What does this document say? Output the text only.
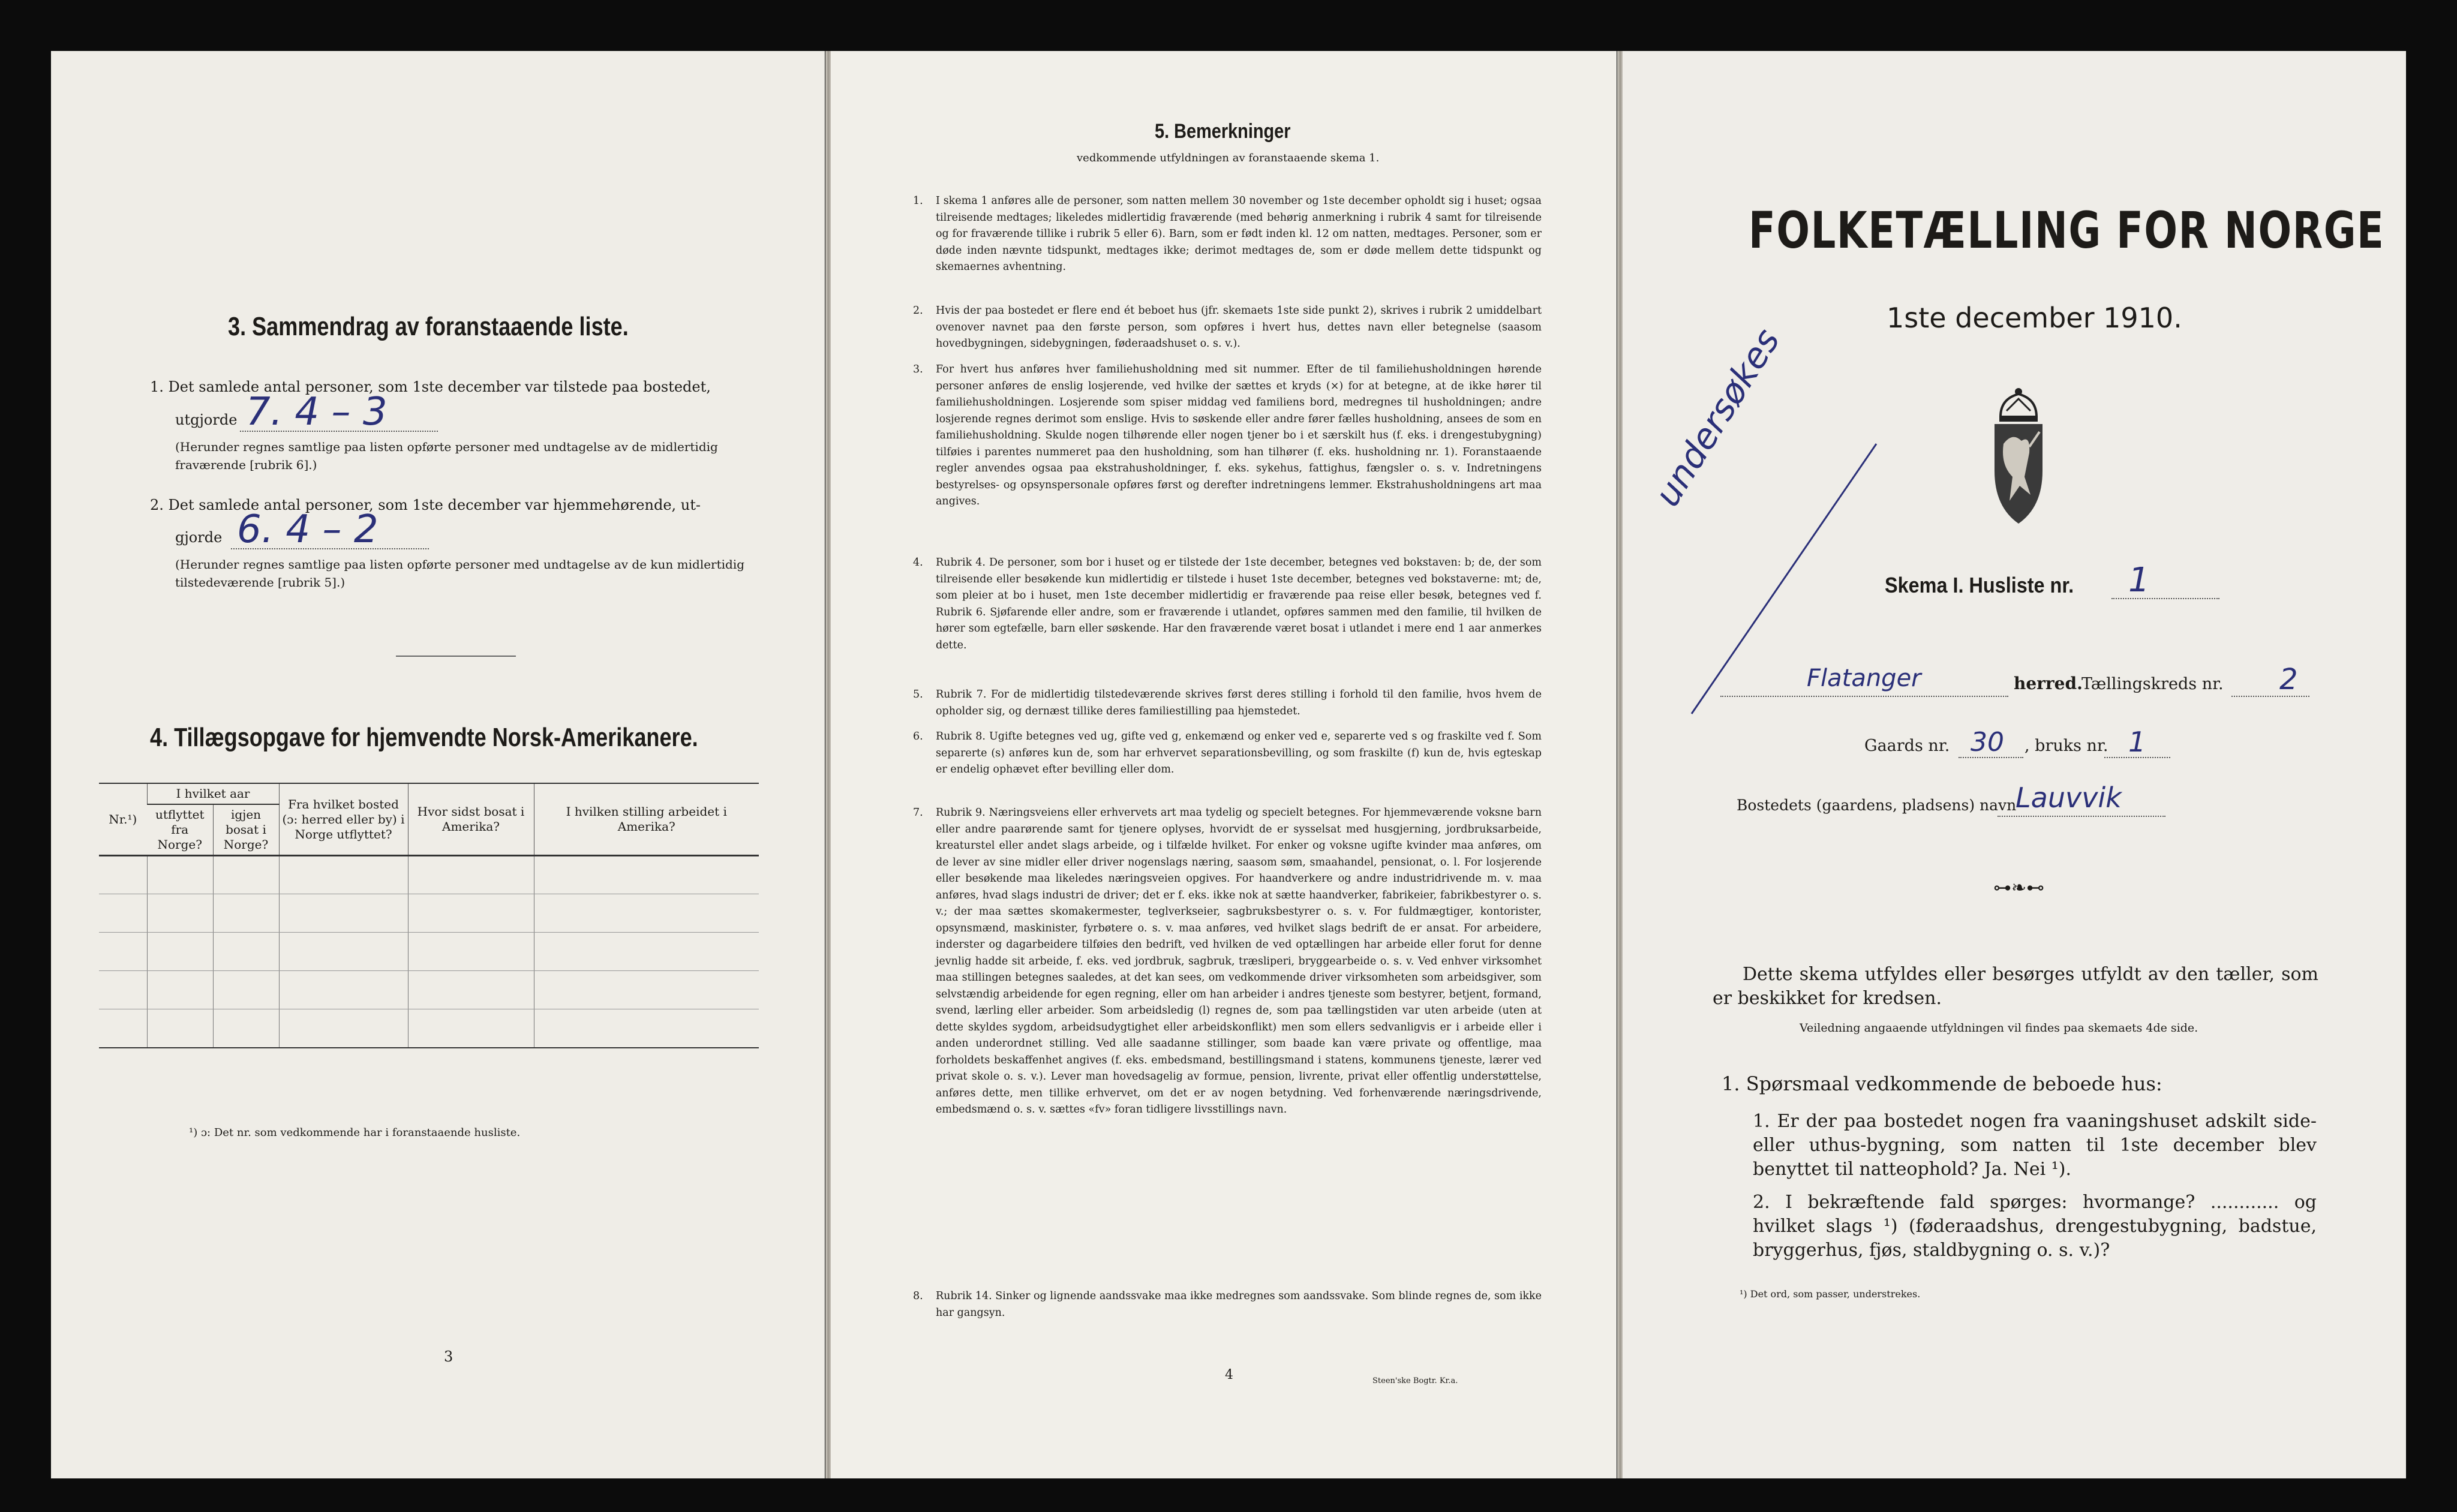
3. Sammendrag av foranstaaende liste.
1. Det samlede antal personer, som 1ste december var tilstede paa bostedet,
utgjorde 7. 4 – 3
(Herunder regnes samtlige paa listen opførte personer med undtagelse av de midlertidig fraværende [rubrik 6].)
2. Det samlede antal personer, som 1ste december var hjemmehørende, ut-
gjorde 6. 4 – 2
(Herunder regnes samtlige paa listen opførte personer med undtagelse av de kun midlertidig tilstedeværende [rubrik 5].)
4. Tillægsopgave for hjemvendte Norsk-Amerikanere.
Nr.¹)	I hvilket aar		Fra hvilket bosted (ɔ: herred eller by) i Norge utflyttet?	Hvor sidst bosat i Amerika?	I hvilken stilling arbeidet i Amerika?
	utflyttet fra Norge?	igjen bosat i Norge?			

¹) ɔ: Det nr. som vedkommende har i foranstaaende husliste.
3
5. Bemerkninger
vedkommende utfyldningen av foranstaaende skema 1.
1. I skema 1 anføres alle de personer, som natten mellem 30 november og 1ste december opholdt sig i huset; ogsaa tilreisende medtages; likeledes midlertidig fraværende (med behørig anmerkning i rubrik 4 samt for tilreisende og for fraværende tillike i rubrik 5 eller 6). Barn, som er født inden kl. 12 om natten, medtages. Personer, som er døde inden nævnte tidspunkt, medtages ikke; derimot medtages de, som er døde mellem dette tidspunkt og skemaernes avhentning.
2. Hvis der paa bostedet er flere end ét beboet hus (jfr. skemaets 1ste side punkt 2), skrives i rubrik 2 umiddelbart ovenover navnet paa den første person, som opføres i hvert hus, dettes navn eller betegnelse (saasom hovedbygningen, sidebygningen, føderaadshuset o. s. v.).
3. For hvert hus anføres hver familiehusholdning med sit nummer. Efter de til familiehusholdningen hørende personer anføres de enslig losjerende, ved hvilke der sættes et kryds (×) for at betegne, at de ikke hører til familiehusholdningen. Losjerende som spiser middag ved familiens bord, medregnes til husholdningen; andre losjerende regnes derimot som enslige. Hvis to søskende eller andre fører fælles husholdning, ansees de som en familiehusholdning. Skulde nogen tilhørende eller nogen tjener bo i et særskilt hus (f. eks. i drengestubygning) tilføies i parentes nummeret paa den husholdning, som han tilhører (f. eks. husholdning nr. 1). Foranstaaende regler anvendes ogsaa paa ekstrahusholdninger, f. eks. sykehus, fattighus, fængsler o. s. v. Indretningens bestyrelses- og opsynspersonale opføres først og derefter indretningens lemmer. Ekstrahusholdningens art maa angives.
4. Rubrik 4. De personer, som bor i huset og er tilstede der 1ste december, betegnes ved bokstaven: b; de, der som tilreisende eller besøkende kun midlertidig er tilstede i huset 1ste december, betegnes ved bokstaverne: mt; de, som pleier at bo i huset, men 1ste december midlertidig er fraværende paa reise eller besøk, betegnes ved f. Rubrik 6. Sjøfarende eller andre, som er fraværende i utlandet, opføres sammen med den familie, til hvilken de hører som egtefælle, barn eller søskende. Har den fraværende været bosat i utlandet i mere end 1 aar anmerkes dette.
5. Rubrik 7. For de midlertidig tilstedeværende skrives først deres stilling i forhold til den familie, hvos hvem de opholder sig, og dernæst tillike deres familiestilling paa hjemstedet.
6. Rubrik 8. Ugifte betegnes ved ug, gifte ved g, enkemænd og enker ved e, separerte ved s og fraskilte ved f. Som separerte (s) anføres kun de, som har erhvervet separationsbevilling, og som fraskilte (f) kun de, hvis egteskap er endelig ophævet efter bevilling eller dom.
7. Rubrik 9. Næringsveiens eller erhvervets art maa tydelig og specielt betegnes. For hjemmeværende voksne barn eller andre paarørende samt for tjenere oplyses, hvorvidt de er sysselsat med husgjerning, jordbruksarbeide, kreaturstel eller andet slags arbeide, og i tilfælde hvilket. For enker og voksne ugifte kvinder maa anføres, om de lever av sine midler eller driver nogenslags næring, saasom søm, smaahandel, pensionat, o. l. For losjerende eller besøkende maa likeledes næringsveien opgives. For haandverkere og andre industridrivende m. v. maa anføres, hvad slags industri de driver; det er f. eks. ikke nok at sætte haandverker, fabrikeier, fabrikbestyrer o. s. v.; der maa sættes skomakermester, teglverkseier, sagbruksbestyrer o. s. v. For fuldmægtiger, kontorister, opsynsmænd, maskinister, fyrbøtere o. s. v. maa anføres, ved hvilket slags bedrift de er ansat. For arbeidere, inderster og dagarbeidere tilføies den bedrift, ved hvilken de ved optællingen har arbeide eller forut for denne jevnlig hadde sit arbeide, f. eks. ved jordbruk, sagbruk, træsliperi, bryggearbeide o. s. v. Ved enhver virksomhet maa stillingen betegnes saaledes, at det kan sees, om vedkommende driver virksomheten som arbeidsgiver, som selvstændig arbeidende for egen regning, eller om han arbeider i andres tjeneste som bestyrer, betjent, formand, svend, lærling eller arbeider. Som arbeidsledig (l) regnes de, som paa tællingstiden var uten arbeide (uten at dette skyldes sygdom, arbeidsudygtighet eller arbeidskonflikt) men som ellers sedvanligvis er i arbeide eller i anden underordnet stilling. Ved alle saadanne stillinger, som baade kan være private og offentlige, maa forholdets beskaffenhet angives (f. eks. embedsmand, bestillingsmand i statens, kommunens tjeneste, lærer ved privat skole o. s. v.). Lever man hovedsagelig av formue, pension, livrente, privat eller offentlig understøttelse, anføres dette, men tillike erhvervet, om det er av nogen betydning. Ved forhenværende næringsdrivende, embedsmænd o. s. v. sættes «fv» foran tidligere livsstillings navn.
8. Rubrik 14. Sinker og lignende aandssvake maa ikke medregnes som aandssvake. Som blinde regnes de, som ikke har gangsyn.
4	Steen'ske Bogtr. Kr.a.
FOLKETÆLLING FOR NORGE
1ste december 1910.
undersøkes
Skema I. Husliste nr. 1
Flatanger	herred.
Tællingskreds nr. 2
Gaards nr. 30 , bruks nr. 1
Bostedets (gaardens, pladsens) navn
Lauvvik
⊶❧⊷
Dette skema utfyldes eller besørges utfyldt av den tæller, som er beskikket for kredsen.
Veiledning angaaende utfyldningen vil findes paa skemaets 4de side.
1. Spørsmaal vedkommende de beboede hus:
1. Er der paa bostedet nogen fra vaaningshuset adskilt side- eller uthus-bygning, som natten til 1ste december blev benyttet til natteophold? Ja. Nei ¹).
2. I bekræftende fald spørges: hvormange? ............ og hvilket slags ¹) (føderaadshus, drengestubygning, badstue, bryggerhus, fjøs, staldbygning o. s. v.)?
¹) Det ord, som passer, understrekes.
